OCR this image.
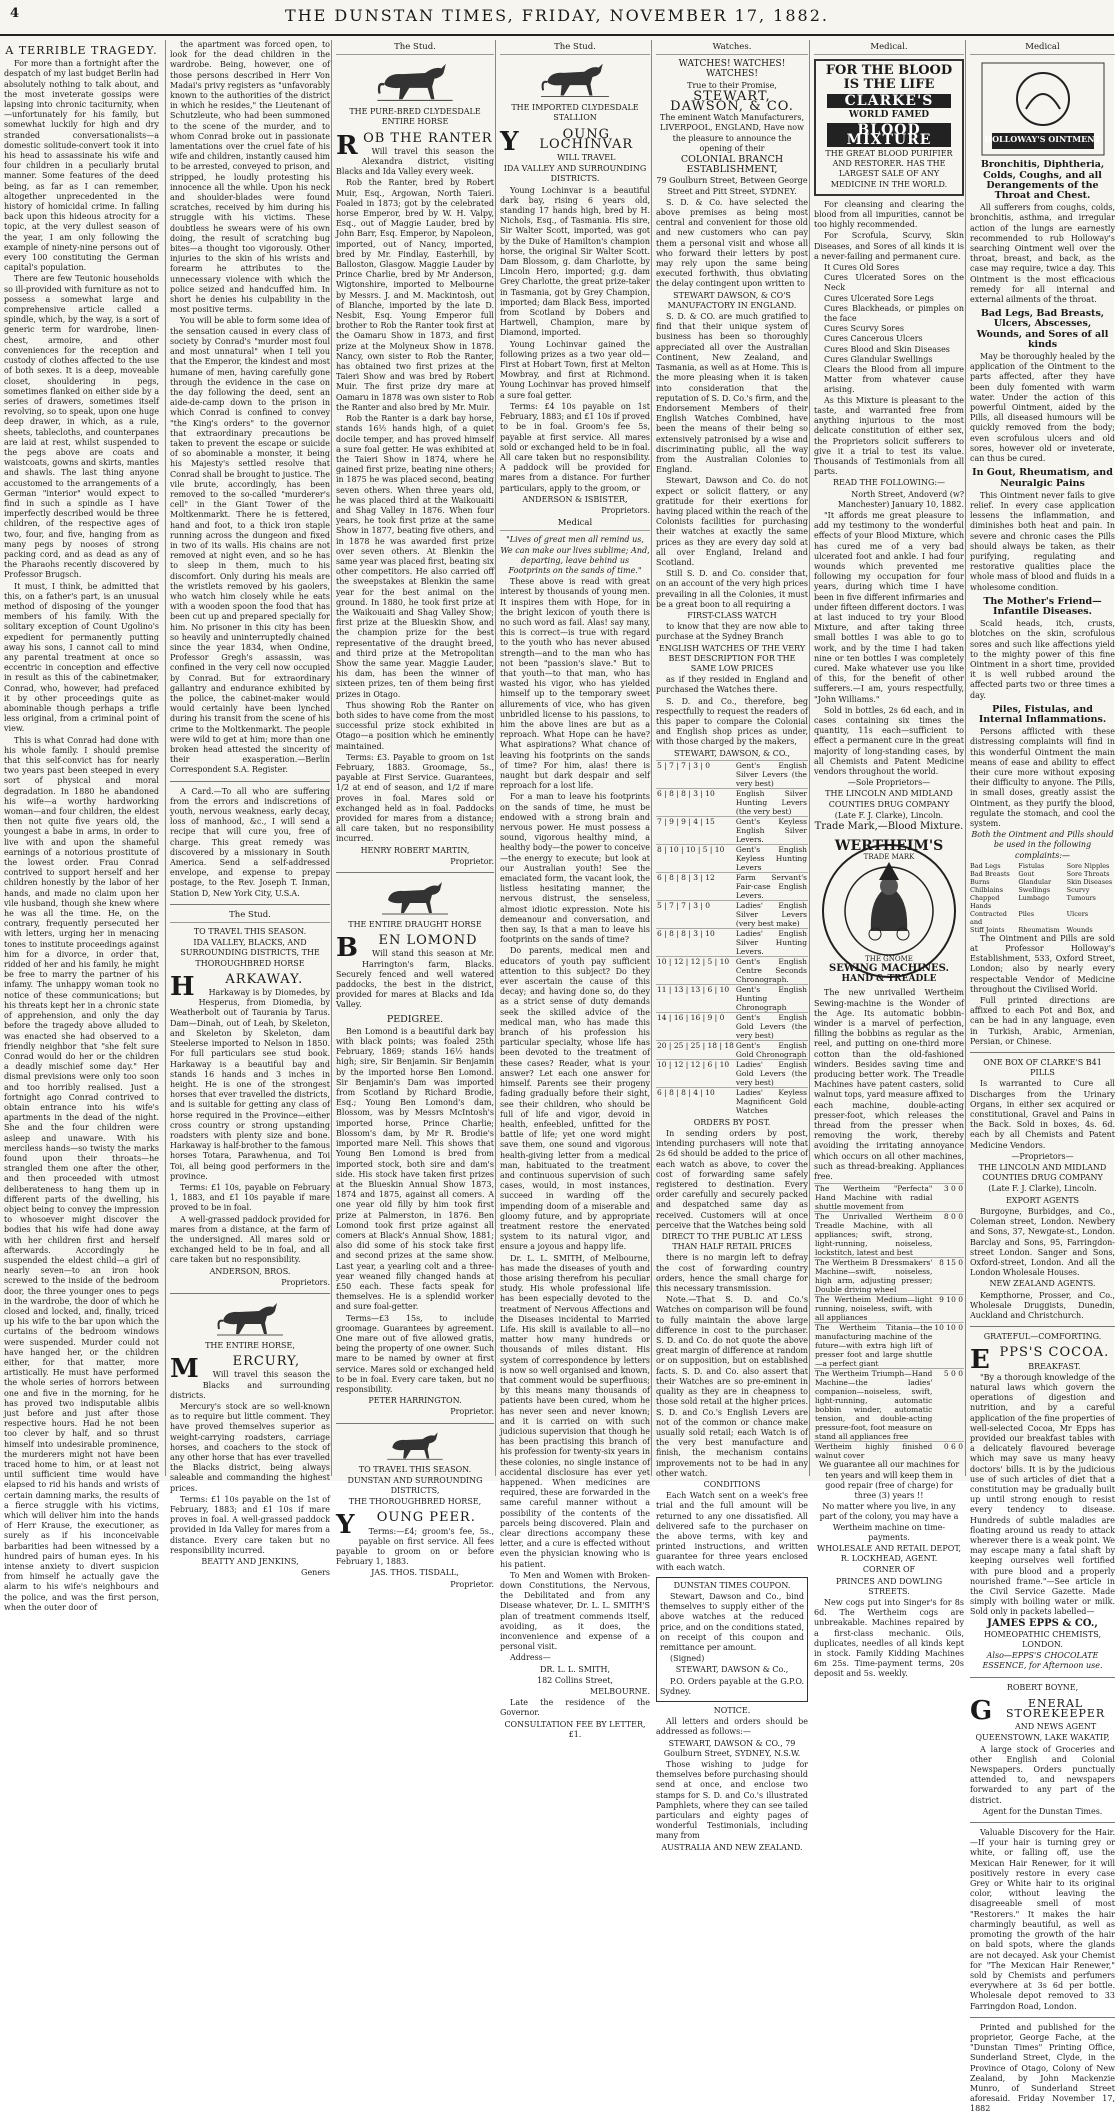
4	THE DUNSTAN TIMES, FRIDAY, NOVEMBER 17, 1882.
A TERRIBLE TRAGEDY.

For more than a fortnight after the despatch of my last budget Berlin had absolutely nothing to talk about, and the most inveterate gossips were lapsing into chronic taciturnity, when—unfortunately for his family, but somewhat luckily for high and dry stranded conversationalists—a domestic solitude-convert took it into his head to assassinate his wife and four children in a peculiarly brutal manner. Some features of the deed being, as far as I can remember, altogether unprecedented in the history of homicidal crime. In falling back upon this hideous atrocity for a topic, at the very dullest season of the year, I am only following the example of ninety-nine persons out of every 100 constituting the German capital's population.

There are few Teutonic households so ill-provided with furniture as not to possess a somewhat large and comprehensive article called a spindle, which, by the way, is a sort of generic term for wardrobe, linen-chest, armoire, and other conveniences for the reception and custody of clothes affected to the use of both sexes. It is a deep, moveable closet, shouldering in pegs, sometimes flanked on either side by a series of drawers, sometimes itself revolving, so to speak, upon one huge deep drawer, in which, as a rule, sheets, tablecloths, and counterpanes are laid at rest, whilst suspended to the pegs above are coats and waistcoats, gowns and skirts, mantles and shawls. The last thing anyone accustomed to the arrangements of a German "interior" would expect to find in such a spindle as I have imperfectly described would be three children, of the respective ages of two, four, and five, hanging from as many pegs by nooses of strong packing cord, and as dead as any of the Pharaohs recently discovered by Professor Brugsch.

It must, I think, be admitted that this, on a father's part, is an unusual method of disposing of the younger members of his family. With the solitary exception of Count Ugolino's expedient for permanently putting away his sons, I cannot call to mind any parental treatment at once so eccentric in conception and effective in result as this of the cabinetmaker, Conrad, who, however, had prefaced it by other proceedings quite as abominable though perhaps a trifle less original, from a criminal point of view.

This is what Conrad had done with his whole family. I should premise that this self-convict has for nearly two years past been steeped in every sort of physical and moral degradation. In 1880 he abandoned his wife—a worthy hardworking woman—and four children, the eldest then not quite five years old, the youngest a babe in arms, in order to live with and upon the shameful earnings of a notorious prostitute of the lowest order. Frau Conrad contrived to support herself and her children honestly by the labor of her hands, and made no claim upon her vile husband, though she knew where he was all the time. He, on the contrary, frequently persecuted her with letters, urging her in menacing tones to institute proceedings against him for a divorce, in order that, ridded of her and his family, he might be free to marry the partner of his infamy. The unhappy woman took no notice of these communications; but his threats kept her in a chronic state of apprehension, and only the day before the tragedy above alluded to was enacted she had observed to a friendly neighbor that "she felt sure Conrad would do her or the children a deadly mischief some day." Her dismal previsions were only too soon and too horribly realised. Just a fortnight ago Conrad contrived to obtain entrance into his wife's apartments in the dead of the night. She and the four children were asleep and unaware. With his merciless hands—so twisty the marks found upon their throats—he strangled them one after the other, and then proceeded with utmost deliberateness to hang them up in different parts of the dwelling, his object being to convey the impression to whosoever might discover the bodies that his wife had done away with her children first and herself afterwards. Accordingly he suspended the eldest child—a girl of nearly seven—to an iron hook screwed to the inside of the bedroom door, the three younger ones to pegs in the wardrobe, the door of which he closed and locked, and, finally, triced up his wife to the bar upon which the curtains of the bedroom windows were suspended. Murder could not have hanged her, or the children either, for that matter, more artistically. He must have performed the whole series of horrors between one and five in the morning, for he has proved two indisputable alibis just before and just after those respective hours. Had he not been too clever by half, and so thrust himself into undesirable prominence, the murderers might not have been traced home to him, or at least not until sufficient time would have elapsed to rid his hands and wrists of certain damning marks, the results of a fierce struggle with his victims, which will deliver him into the hands of Herr Krause, the executioner, as surely as if his inconceivable barbarities had been witnessed by a hundred pairs of human eyes. In his intense anxiety to divert suspicion from himself he actually gave the alarm to his wife's neighbours and the police, and was the first person, when the outer door of

the apartment was forced open, to look for the dead children in the wardrobe. Being, however, one of those persons described in Herr Von Madai's privy registers as "unfavorably known to the authorities of the district in which he resides," the Lieutenant of Schutzleute, who had been summoned to the scene of the murder, and to whom Conrad broke out in passionate lamentations over the cruel fate of his wife and children, instantly caused him to be arrested, conveyed to prison, and stripped, he loudly protesting his innocence all the while. Upon his neck and shoulder-blades were found scratches, received by him during his struggle with his victims. These doubtless he swears were of his own doing, the result of scratching bug bites—a thought too vigorously. Other injuries to the skin of his wrists and forearm he attributes to the unnecessary violence with which the police seized and handcuffed him. In short he denies his culpability in the most positive terms.

You will be able to form some idea of the sensation caused in every class of society by Conrad's "murder most foul and most unnatural" when I tell you that the Emperor, the kindest and most humane of men, having carefully gone through the evidence in the case on the day following the deed, sent an aide-de-camp down to the prison in which Conrad is confined to convey "the King's orders" to the governor that extraordinary precautions be taken to prevent the escape or suicide of so abominable a monster, it being his Majesty's settled resolve that Conrad shall be brought to justice. The vile brute, accordingly, has been removed to the so-called "murderer's cell" in the Giant Tower of the Moltkenmarkt. There he is fettered, hand and foot, to a thick iron staple running across the dungeon and fixed in two of its walls. His chains are not removed at night even, and so he has to sleep in them, much to his discomfort. Only during his meals are the wristlets removed by his gaolers, who watch him closely while he eats with a wooden spoon the food that has been cut up and prepared specially for him. No prisoner in this city has been so heavily and uninterruptedly chained since the year 1834, when Ondine, Professor Gregh's assassin, was confined in the very cell now occupied by Conrad. But for extraordinary gallantry and endurance exhibited by the police, the cabinet-maker would would certainly have been lynched during his transit from the scene of his crime to the Moltkenmarkt. The people were wild to get at him; more than one broken head attested the sincerity of their exasperation.—Berlin Correspondent S.A. Register.

A Card.—To all who are suffering from the errors and indiscretions of youth, nervous weakness, early decay, loss of manhood, &c., I will send a recipe that will cure you, free of charge. This great remedy was discovered by a missionary in South America. Send a self-addressed envelope, and expense to prepay postage, to the Rev. Joseph T. Inman, Station D, New York City, U.S.A.

The Stud.

TO TRAVEL THIS SEASON.

IDA VALLEY, BLACKS, AND SURROUNDING DISTRICTS, THE THOROUGHBRED HORSE

H ARKAWAY.

Harkaway is by Diomedes, by Hesperus, from Diomedia, by Weatherbolt out of Taurania by Tarus. Dam—Dinah, out of Leah, by Skeleton, and Skeleton by Skeleton, dam Steelerse imported to Nelson in 1850. For full particulars see stud book. Harkaway is a beautiful bay and stands 16 hands and 3 inches in height. He is one of the strongest horses that ever travelled the districts, and is suitable for getting any class of horse required in the Province—either cross country or strong upstanding roadsters with plenty size and bone. Harkaway is half-brother to the famous horses Totara, Parawhenua, and Toi Toi, all being good performers in the province.

Terms: £1 10s, payable on February 1, 1883, and £1 10s payable if mare proved to be in foal.

A well-grassed paddock provided for mares from a distance, at the farm of the undersigned. All mares sold or exchanged held to be in foal, and all care taken but no responsibility.

ANDERSON, BROS.

Proprietors.

THE ENTIRE HORSE,

M	ERCURY,

Will travel this season the Blacks and surrounding districts.

Mercury's stock are so well-known as to require but little comment. They have proved themselves superior as weight-carrying roadsters, carriage horses, and coachers to the stock of any other horse that has ever travelled the Blacks district, being always saleable and commanding the highest prices.

Terms: £1 10s payable on the 1st of February, 1883; and £1 10s if mare proves in foal. A well-grassed paddock provided in Ida Valley for mares from a distance. Every care taken but no responsibility incurred.

BEATTY AND JENKINS,

Geners

The Stud.

THE PURE-BRED CLYDESDALE ENTIRE HORSE

ROB THE RANTER

Will travel this season the Alexandra district, visiting Blacks and Ida Valley every week.

Rob the Ranter, bred by Robert Muir, Esq., Argowan, North Taieri. Foaled in 1873; got by the celebrated horse Emperor, bred by W. H. Valpy, Esq., out of Maggie Lauder, bred by John Barr, Esq. Emperor, by Napoleon, imported, out of Nancy, imported, bred by Mr. Findlay, Easterhill, by Balloston, Glasgow. Maggie Lauder by Prince Charlie, bred by Mr Anderson, Wigtonshire, imported to Melbourne by Messrs. J. and M. Mackintosh, out of Blanche, imported by the late D. Nesbit, Esq. Young Emperor full brother to Rob the Ranter took first at the Oamaru Show in 1873, and first prize at the Molyneux Show in 1878. Nancy, own sister to Rob the Ranter, has obtained two first prizes at the Taieri Show and was bred by Robert Muir. The first prize dry mare at Oamaru in 1878 was own sister to Rob the Ranter and also bred by Mr. Muir.

Rob the Ranter is a dark bay horse, stands 16½ hands high, of a quiet docile temper, and has proved himself a sure foal getter. He was exhibited at the Taieri Show in 1874, where he gained first prize, beating nine others; in 1875 he was placed second, beating seven others. When three years old, he was placed third at the Waikouaiti and Shag Valley in 1876. When four years, he took first prize at the same Show in 1877, beating five others, and in 1878 he was awarded first prize over seven others. At Blenkin the same year was placed first, beating six other competitors. He also carried off the sweepstakes at Blenkin the same year for the best animal on the ground. In 1880, he took first prize at the Waikouaiti and Shag Valley Show; first prize at the Blueskin Show, and the champion prize for the best representative of the draught breed, and third prize at the Metropolitan Show the same year. Maggie Lauder, his dam, has been the winner of sixteen prizes, ten of them being first prizes in Otago.

Thus showing Rob the Ranter on both sides to have come from the most successful prize stock exhibited in Otago—a position which he eminently maintained.

Terms: £3. Payable to groom on 1st February, 1883. Groomage, 5s., payable at First Service. Guarantees, 1/2 at end of season, and 1/2 if mare proves in foal. Mares sold or exchanged held as in foal. Paddocks provided for mares from a distance; all care taken, but no responsibility incurred.

HENRY ROBERT MARTIN,

Proprietor.

THE ENTIRE DRAUGHT HORSE

B EN LOMOND

Will stand this season at Mr. Harrington's farm, Blacks. Securely fenced and well watered paddocks, the best in the district, provided for mares at Blacks and Ida Valley.

PEDIGREE.

Ben Lomond is a beautiful dark bay with black points; was foaled 25th February, 1869; stands 16½ hands high; sire, Sir Benjamin. Sir Benjamin by the imported horse Ben Lomond. Sir Benjamin's Dam was imported from Scotland by Richard Brodie, Esq.; Young Ben Lomond's dam, Blossom, was by Messrs McIntosh's imported horse, Prince Charlie; Blossom's dam, by Mr R. Brodie's imported mare Nell. This shows that Young Ben Lomond is bred from imported stock, both sire and dam's side. His stock have taken first prizes at the Blueskin Annual Show 1873, 1874 and 1875, against all comers. A one year old filly by him took first prize at Palmerston, in 1876. Ben Lomond took first prize against all comers at Black's Annual Show, 1881; also did some of his stock take first and second prizes at the same show. Last year, a yearling colt and a three-year weaned filly changed hands at £50 each. These facts speak for themselves. He is a splendid worker and sure foal-getter.

Terms—£3 15s, to include groomage. Guarantees by agreement. One mare out of five allowed gratis, being the property of one owner. Such mare to be named by owner at first service. Mares sold or exchanged held to be in foal. Every care taken, but no responsibility.

PETER HARRINGTON.

Proprietor.

TO TRAVEL THIS SEASON.

DUNSTAN AND SURROUNDING DISTRICTS,

THE THOROUGHBRED HORSE,

Y OUNG PEER.

Terms:—£4; groom's fee, 5s., payable on first service. All fees payable to groom on or before February 1, 1883.

JAS. THOS. TISDALL,

Proprietor.

The Stud.

THE IMPORTED CLYDESDALE STALLION

Y	OUNG LOCHINVAR

WILL TRAVEL

IDA VALLEY AND SURROUNDING DISTRICTS.

Young Lochinvar is a beautiful dark bay, rising 6 years old, standing 17 hands high, bred by H. Nichols, Esq., of Tasmania. His sire, Sir Walter Scott, imported, was got by the Duke of Hamilton's champion horse, the original Sir Walter Scott. Dam Blossom, g. dam Charlotte, by Lincoln Hero, imported; g.g. dam Grey Charlotte, the great prize-taker in Tasmania, got by Grey Champion, imported; dam Black Bess, imported from Scotland by Dobers and Hartwell, Champion, mare by Diamond, imported.

Young Lochinvar gained the following prizes as a two year old—First at Hobart Town, first at Melton Mowbray, and first at Richmond. Young Lochinvar has proved himself a sure foal getter.

Terms: £4 10s payable on 1st February, 1883; and £1 10s if proved to be in foal. Groom's fee 5s, payable at first service. All mares sold or exchanged held to be in foal. All care taken but no responsibility. A paddock will be provided for mares from a distance. For further particulars, apply to the groom, or

ANDERSON & ISBISTER,

Proprietors.

Medical

"Lives of great men all remind us, We can make our lives sublime; And, departing, leave behind us Footprints on the sands of time."

These above is read with great interest by thousands of young men. It inspires them with Hope, for in the bright lexicon of youth there is no such word as fail. Alas! say many, this is correct—is true with regard to the youth who has never abused strength—and to the man who has not been "passion's slave." But to that youth—to that man, who has wasted his vigor, who has yielded himself up to the temporary sweet allurements of vice, who has given unbridled license to his passions, to him the above lines are but as a reproach. What Hope can he have? What aspirations? What chance of leaving his footprints on the sands of time? For him, alas! there is naught but dark despair and self reproach for a lost life.

For a man to leave his footprints on the sands of time, he must be endowed with a strong brain and nervous power. He must possess a sound, vigorous healthy mind, a healthy body—the power to conceive—the energy to execute; but look at our Australian youth! See the emaciated form, the vacant look, the listless hesitating manner, the nervous distrust, the senseless, almost idiotic expression. Note his demeanour and conversation, and then say, Is that a man to leave his footprints on the sands of time?

Do parents, medical men and educators of youth pay sufficient attention to this subject? Do they ever ascertain the cause of this decay; and having done so, do they as a strict sense of duty demands seek the skilled advice of the medical man, who has made this branch of his profession his particular specialty, whose life has been devoted to the treatment of these cases? Reader, what is your answer? Let each one answer for himself. Parents see their progeny fading gradually before their sight, see their children, who should be full of life and vigor, devoid in health, enfeebled, unfitted for the battle of life; yet one word might save them, one sound and vigorous health-giving letter from a medical man, habituated to the treatment and continuous supervision of such cases, would, in most instances, succeed in warding off the impending doom of a miserable and gloomy future, and by appropriate treatment restore the enervated system to its natural vigor, and ensure a joyous and happy life.

Dr. L. L. SMITH, of Melbourne, has made the diseases of youth and those arising therefrom his peculiar study. His whole professional life has been especially devoted to the treatment of Nervous Affections and the Diseases incidental to Married Life. His skill is available to all—no matter how many hundreds or thousands of miles distant. His system of correspondence by letters is now so well organised and known, that comment would be superfluous; by this means many thousands of patients have been cured, whom he has never seen and never known; and it is carried on with such judicious supervision that though he has been practising this branch of his profession for twenty-six years in these colonies, no single instance of accidental disclosure has ever yet happened. When medicines are required, these are forwarded in the same careful manner without a possibility of the contents of the parcels being discovered. Plain and clear directions accompany these letter, and a cure is effected without even the physician knowing who is his patient.

To Men and Women with Broken-down Constitutions, the Nervous, the Debilitated and from any Disease whatever, Dr. L. L. SMITH'S plan of treatment commends itself, avoiding, as it does, the inconvenience and expense of a personal visit.

Address—

DR. L. L. SMITH,

182 Collins Street,

MELBOURNE.

Late the residence of the Governor.

CONSULTATION FEE BY LETTER, £1.

Watches.

WATCHES! WATCHES! WATCHES!

True to their Promise,

STEWART, DAWSON, & CO.

The eminent Watch Manufacturers, LIVERPOOL, ENGLAND, Have now the pleasure to announce the opening of their

COLONIAL BRANCH ESTABLISHMENT,

79 Goulburn Street, Between George Street and Pitt Street, SYDNEY.

S. D. & Co. have selected the above premises as being most central and convenient for those old and new customers who can pay them a personal visit and whose all who forward their letters by post may rely upon the same being executed forthwith, thus obviating the delay contingent upon written to

STEWART DAWSON, & CO'S MANUFACTORY IN ENGLAND.

S. D. & CO. are much gratified to find that their unique system of business has been so thoroughly appreciated all over the Australian Continent, New Zealand, and Tasmania, as well as at Home. This is the more pleasing when it is taken into consideration that the reputation of S. D. Co.'s firm, and the Endorsement Members of their English Watches Combined, have been the means of their being so extensively patronised by a wise and discriminating public, all the way from the Australian Colonies to England.

Stewart, Dawson and Co. do not expect or solicit flattery, or any gratitude for their exertions for having placed within the reach of the Colonists facilities for purchasing their watches at exactly the same prices as they are every day sold at all over England, Ireland and Scotland.

Still S. D. and Co. consider that, on an account of the very high prices prevailing in all the Colonies, it must be a great boon to all requiring a

FIRST-CLASS WATCH

to know that they are now able to purchase at the Sydney Branch

ENGLISH WATCHES OF THE VERY BEST DESCRIPTION FOR THE SAME LOW PRICES

as if they resided in England and purchased the Watches there.

S. D. and Co., therefore, beg respectfully to request the readers of this paper to compare the Colonial and English shop prices as under, with those charged by the makers,

STEWART, DAWSON, & CO.,

5 | 7 | 7 | 3 | 0	Gent's English Silver Levers (the very best)
6 | 8 | 8 | 3 | 10	English Silver Hunting Levers (the very best)
7 | 9 | 9 | 4 | 15	Gent's Keyless English Silver Levers.
8 | 10 | 10 | 5 | 10	Gent's English Keyless Hunting Levers
6 | 8 | 8 | 3 | 12	Farm Servant's Fair-case English Levers.
5 | 7 | 7 | 3 | 0	Ladies' English Silver Levers (very best make)
6 | 8 | 8 | 3 | 10	Ladies' English Silver Hunting Levers.
10 | 12 | 12 | 5 | 10	Gent's English Centre Seconds Chronograph.
11 | 13 | 13 | 6 | 10	Gent's English Hunting Chronograph
14 | 16 | 16 | 9 | 0	Gent's English Gold Levers (the very best)
20 | 25 | 25 | 18 | 18	Gent's English Gold Chronograph
10 | 12 | 12 | 6 | 10	Ladies' English Gold Levers (the very best)
6 | 8 | 8 | 4 | 10	Ladies' Keyless Magnificent Gold Watches

ORDERS BY POST.

In sending orders by post, intending purchasers will note that 2s 6d should be added to the price of each watch as above, to cover the cost of forwarding same safely registered to destination. Every order carefully and securely packed and despatched same day as received. Customers will at once perceive that the Watches being sold

DIRECT TO THE PUBLIC AT LESS THAN HALF RETAIL PRICES

there is no margin left to defray the cost of forwarding country orders, hence the small charge for this necessary transmission.

Note.—That S. D. and Co.'s Watches on comparison will be found to fully maintain the above large difference in cost to the purchaser. S. D. and Co. do not quote the above great margin of difference at random or on supposition, but on established facts. S. D. and Co. also assert that their Watches are so pre-eminent in quality as they are in cheapness to those sold retail at the higher prices. S. D. and Co.'s English Levers are not of the common or chance make usually sold retail; each Watch is of the very best manufacture and finish, the mechanism contains improvements not to be had in any other watch.

CONDITIONS

Each Watch sent on a week's free trial and the full amount will be returned to any one dissatisfied. All delivered safe to the purchaser on the above terms, with key and printed instructions, and written guarantee for three years enclosed with each watch.

DUNSTAN TIMES COUPON.

Stewart, Dawson and Co., bind themselves to supply either of the above watches at the reduced price, and on the conditions stated, on receipt of this coupon and remittance per amount.

(Signed)

STEWART, DAWSON & Co.,

P.O. Orders payable at the G.P.O. Sydney.

NOTICE.

All letters and orders should be addressed as follows:—

STEWART, DAWSON & CO., 79 Goulburn Street, SYDNEY, N.S.W.

Those wishing to judge for themselves before purchasing should send at once, and enclose two stamps for S. D. and Co.'s illustrated Pamphlets, where they can see tailed particulars and eighty pages of wonderful Testimonials, including many from

AUSTRALIA AND NEW ZEALAND.

Medical.
FOR THE BLOOD IS THE LIFE
CLARKE'S
WORLD FAMED
BLOOD MIXTURE

THE GREAT BLOOD PURIFIER AND RESTORER. HAS THE LARGEST SALE OF ANY MEDICINE IN THE WORLD.

For cleansing and clearing the blood from all impurities, cannot be too highly recommended.

For Scrofula, Scurvy, Skin Diseases, and Sores of all kinds it is a never-failing and permanent cure.

It Cures Old Sores
Cures Ulcerated Sores on the Neck
Cures Ulcerated Sore Legs
Cures Blackheads, or pimples on the face
Cures Scurvy Sores
Cures Cancerous Ulcers
Cures Blood and Skin Diseases
Cures Glandular Swellings
Clears the Blood from all impure Matter from whatever cause arising.

As this Mixture is pleasant to the taste, and warranted free from anything injurious to the most delicate constitution of either sex, the Proprietors solicit sufferers to give it a trial to test its value. Thousands of Testimonials from all parts.

READ THE FOLLOWING:—

North Street, Andoverd (w? Manchester) January 10, 1882.

"It affords me great pleasure to add my testimony to the wonderful effects of your Blood Mixture, which has cured me of a very bad ulcerated foot and ankle. I had four wounds which prevented me following my occupation for four years, during which time I have been in five different infirmaries and under fifteen different doctors. I was at last induced to try your Blood Mixture, and after taking three small bottles I was able to go to work, and by the time I had taken nine or ten bottles I was completely cured. Make whatever use you like of this, for the benefit of other sufferers.—I am, yours respectfully, "John Williams."

Sold in bottles, 2s 6d each, and in cases containing six times the quantity, 11s each—sufficient to effect a permanent cure in the great majority of long-standing cases, by all Chemists and Patent Medicine vendors throughout the world.

—Sole Proprietors—

THE LINCOLN AND MIDLAND COUNTIES DRUG COMPANY

(Late F. J. Clarke), Lincoln.

Trade Mark,—Blood Mixture.

WERTHEIM'S
TRADE MARK
THE GNOME
SEWING MACHINES.
HAND & TREADLE

The new unrivalled Wertheim Sewing-machine is the Wonder of the Age. Its automatic bobbin-winder is a marvel of perfection, filling the bobbins as regular as the reel, and putting on one-third more cotton than the old-fashioned winders. Besides saving time and producing better work. The Treadle Machines have patent casters, solid walnut tops, yard measure affixed to each machine, double-acting presser-foot, which releases the thread from the presser when removing the work, thereby avoiding the irritating annoyance which occurs on all other machines, such as thread-breaking. Appliances free.

The Wertheim "Perfecta" Hand Machine with radial shuttle movement from	3 0 0
The Unrivalled Wertheim Treadle Machine, with all appliances; swift, strong, light-running, noiseless, lockstitch, latest and best	8 0 0
The Wertheim B Dressmakers' Machine—swift, noiseless, high arm, adjusting presser; Double driving wheel	8 15 0
The Wertheim Medium—light running, noiseless, swift, with all appliances	9 10 0
The Wertheim Titania—the manufacturing machine of the future—with extra high lift of presser foot and large shuttle—a perfect giant	10 10 0
The Wertheim Triumph—Hand Machine—the ladies' companion—noiseless, swift, light-running, automatic bobbin winder, automatic tension, and double-acting pressure-foot, foot measure on stand all appliances free	5 0 0
Wertheim highly finished walnut cover	0 6 0

We guarantee all our machines for ten years and will keep them in good repair (free of charge) for three (3) years !!

No matter where you live, in any part of the colony, you may have a Wertheim machine on time-payments.

WHOLESALE AND RETAIL DEPOT, R. LOCKHEAD, AGENT.

CORNER OF

PRINCES AND DOWLING STREETS.

New cogs put into Singer's for 8s 6d. The Wertheim cogs are unbreakable. Machines repaired by a first-class mechanic. Oils, duplicates, needles of all kinds kept in stock. Family Kidding Machines 6m 25s. Time-payment terms, 20s deposit and 5s. weekly.

Medical
HOLLOWAY'S OINTMENT
Bronchitis, Diphtheria, Colds, Coughs, and all Derangements of the Throat and Chest.

All sufferers from coughs, colds, bronchitis, asthma, and irregular action of the lungs are earnestly recommended to rub Holloway's searching Ointment well over the throat, breast, and back, as the case may require, twice a day. This Ointment is the most efficacious remedy for all internal and external ailments of the throat.

Bad Legs, Bad Breasts, Ulcers, Abscesses, Wounds, and Sores of all kinds

May be thoroughly healed by the application of the Ointment to the parts affected, after they have been duly fomented with warm water. Under the action of this powerful Ointment, aided by the Pills, all diseased humours will be quickly removed from the body; even scrofulous ulcers and old sores, however old or inveterate, can thus be cured.

In Gout, Rheumatism, and Neuralgic Pains

This Ointment never fails to give relief. In every case application lessens the inflammation, and diminishes both heat and pain. In severe and chronic cases the Pills should always be taken, as their purifying, regulating and restorative qualities place the whole mass of blood and fluids in a wholesome condition.

The Mother's Friend—Infantile Diseases.

Scald heads, itch, crusts, blotches on the skin, scrofulous sores and such like affections yield to the mighty power of this fine Ointment in a short time, provided it is well rubbed around the affected parts two or three times a day.

Piles, Fistulas, and Internal Inflammations.

Persons afflicted with these distressing complaints will find in this wonderful Ointment the main means of ease and ability to effect their cure more without exposing their difficulty to anyone. The Pills, in small doses, greatly assist the Ointment, as they purify the blood, regulate the stomach, and cool the system.

Both the Ointment and Pills should be used in the following complaints:—

Bad Legs	Fistulas	Sore Nipples
Bad Breasts	Gout	Sore Throats
Burns	Glandular	Skin Diseases
Chilblains	Swellings	Scurvy
Chapped Hands
Lumbago	Tumours
Contracted and
Piles	Ulcers
Stiff Joints	Rheumatism	Wounds

The Ointment and Pills are sold at Professor Holloway's Establishment, 533, Oxford Street, London; also by nearly every respectable Vendor of Medicine throughout the Civilised World.

Full printed directions are affixed to each Pot and Box, and can be had in any language, even in Turkish, Arabic, Armenian, Persian, or Chinese.

ONE BOX OF CLARKE'S B41 PILLS

Is warranted to Cure all Discharges from the Urinary Organs, in either sex acquired or constitutional, Gravel and Pains in the Back. Sold in boxes, 4s. 6d. each by all Chemists and Patent Medicine Vendors.

—Proprietors—

THE LINCOLN AND MIDLAND COUNTIES DRUG COMPANY

(Late F. J. Clarke), Lincoln.

EXPORT AGENTS

Burgoyne, Burbidges, and Co., Coleman street, London. Newbery and Sons, 37, Newgate-st., London. Barclay and Sons, 95, Farringdon-street London. Sanger and Sons, Oxford-street, London. And all the London Wholesale Houses.

NEW ZEALAND AGENTS.

Kempthorne, Prosser, and Co., Wholesale Druggists, Dunedin, Auckland and Christchurch.

GRATEFUL—COMFORTING.

EPPS'S COCOA.

BREAKFAST.

"By a thorough knowledge of the natural laws which govern the operations of digestion and nutrition, and by a careful application of the fine properties of well-selected Cocoa, Mr Epps has provided our breakfast tables with a delicately flavoured beverage which may save us many heavy doctors' bills. It is by the judicious use of such articles of diet that a constitution may be gradually built up until strong enough to resist every tendency to disease. Hundreds of subtle maladies are floating around us ready to attack wherever there is a weak point. We may escape many a fatal shaft by keeping ourselves well fortified with pure blood and a properly nourished frame."—See article in the Civil Service Gazette. Made simply with boiling water or milk. Sold only in packets labelled—

JAMES EPPS & CO.,

HOMEOPATHIC CHEMISTS, LONDON.

Also—EPPS'S CHOCOLATE ESSENCE, for Afternoon use.

ROBERT BOYNE,

G	ENERAL STOREKEEPER

AND NEWS AGENT

QUEENSTOWN, LAKE WAKATIP,

A large stock of Groceries and other English and Colonial Newspapers. Orders punctually attended to, and newspapers forwarded to any part of the district.

Agent for the Dunstan Times.

Valuable Discovery for the Hair.—If your hair is turning grey or white, or falling off, use the Mexican Hair Renewer, for it will positively restore in every case Grey or White hair to its original color, without leaving the disagreeable smell of most "Restorers." It makes the hair charmingly beautiful, as well as promoting the growth of the hair on bald spots, where the glands are not decayed. Ask your Chemist for "The Mexican Hair Renewer," sold by Chemists and perfumers everywhere at 3s 6d per bottle. Wholesale depot removed to 33 Farringdon Road, London.

Printed and published for the proprietor, George Fache, at the "Dunstan Times" Printing Office, Sunderland Street, Clyde, in the Province of Otago, Colony of New Zealand, by John Mackenzie Munro, of Sunderland Street aforesaid. Friday November 17, 1882
